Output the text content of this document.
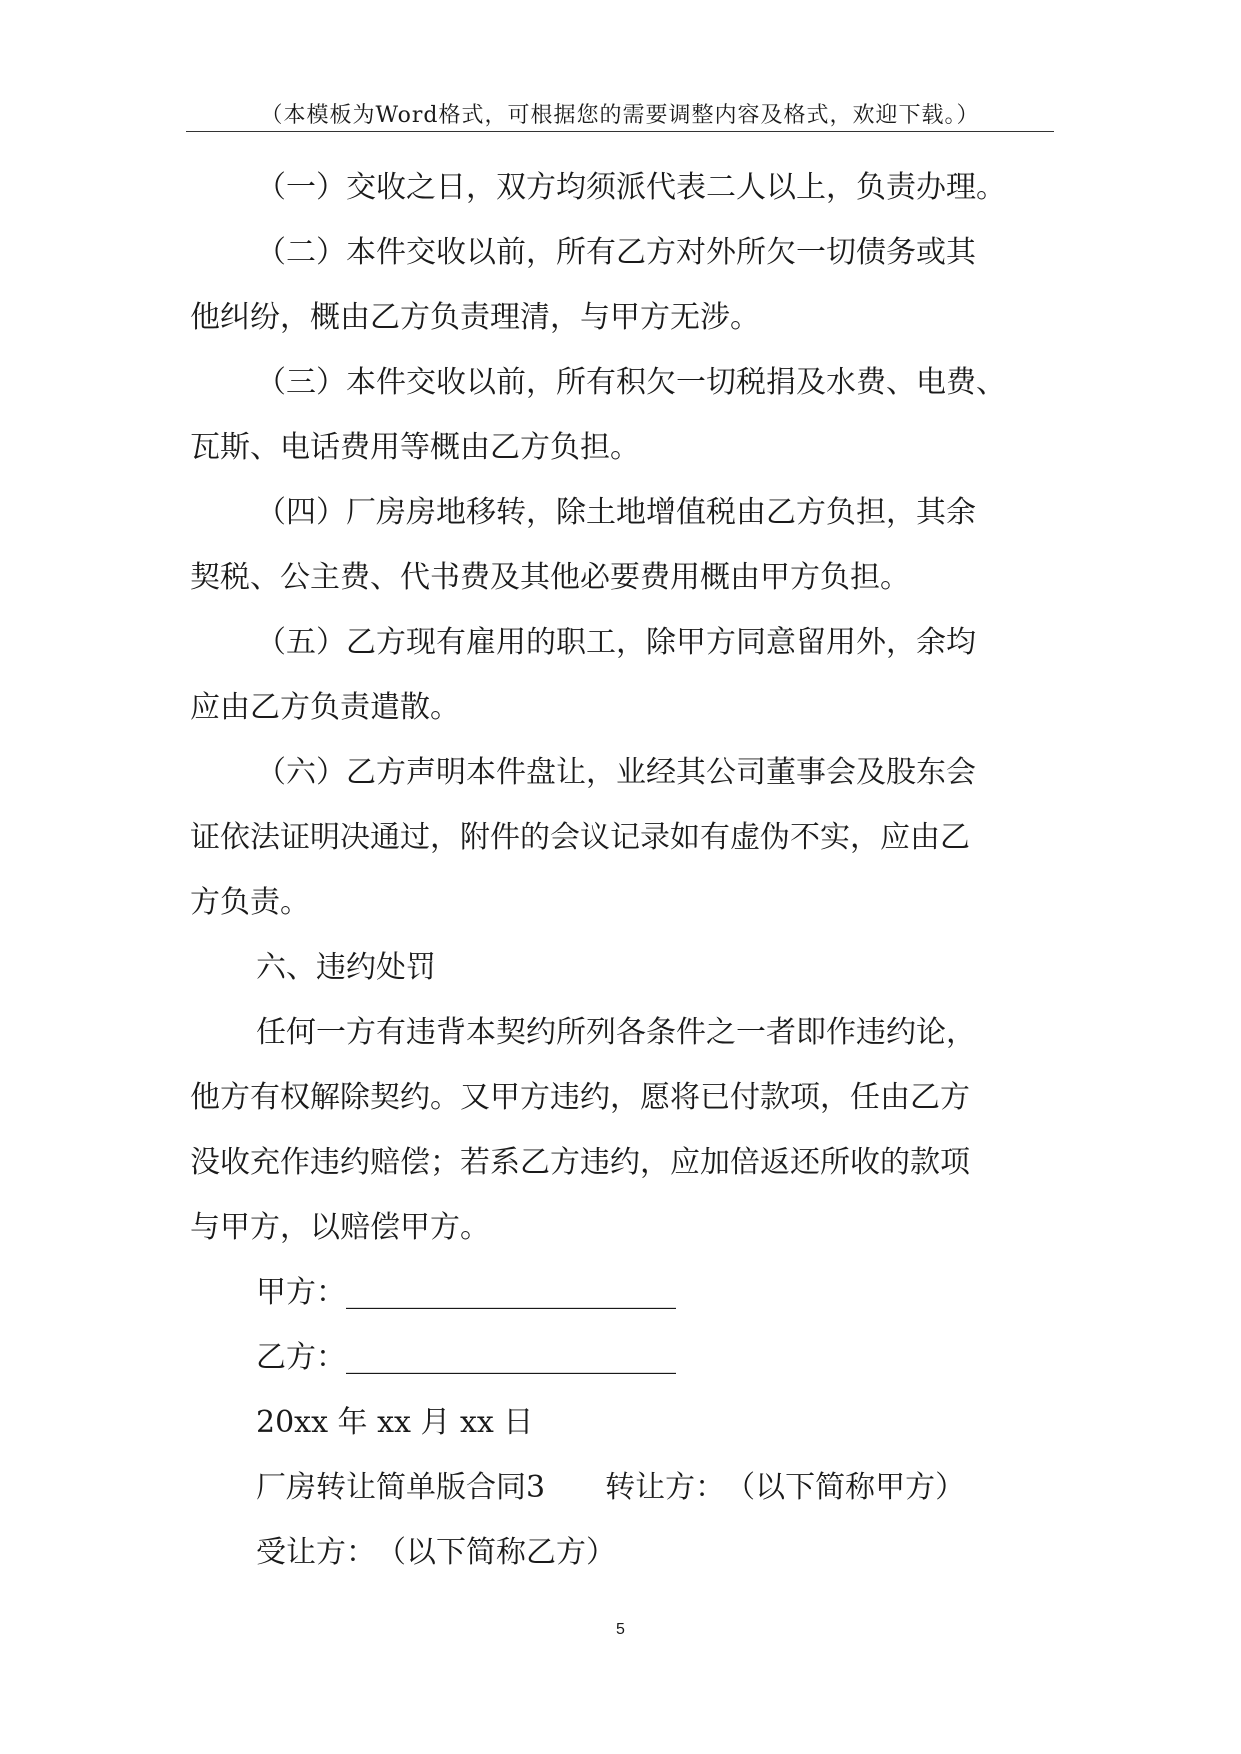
（本模板为Word格式，可根据您的需要调整内容及格式，欢迎下载。）

（一）交收之日，双方均须派代表二人以上，负责办理。

（二）本件交收以前，所有乙方对外所欠一切债务或其

他纠纷，概由乙方负责理清，与甲方无涉。

（三）本件交收以前，所有积欠一切税捐及水费、电费、

瓦斯、电话费用等概由乙方负担。

（四）厂房房地移转，除土地增值税由乙方负担，其余

契税、公主费、代书费及其他必要费用概由甲方负担。

（五）乙方现有雇用的职工，除甲方同意留用外，余均

应由乙方负责遣散。

（六）乙方声明本件盘让，业经其公司董事会及股东会

证依法证明决通过，附件的会议记录如有虚伪不实，应由乙

方负责。

六、违约处罚

任何一方有违背本契约所列各条件之一者即作违约论，

他方有权解除契约。又甲方违约，愿将已付款项，任由乙方

没收充作违约赔偿；若系乙方违约，应加倍返还所收的款项

与甲方，以赔偿甲方。

甲方：______________________

乙方：______________________

20xx 年 xx 月 xx 日

厂房转让简单版合同3　　转让方：　（以下简称甲方）

受让方：　（以下简称乙方）

5
